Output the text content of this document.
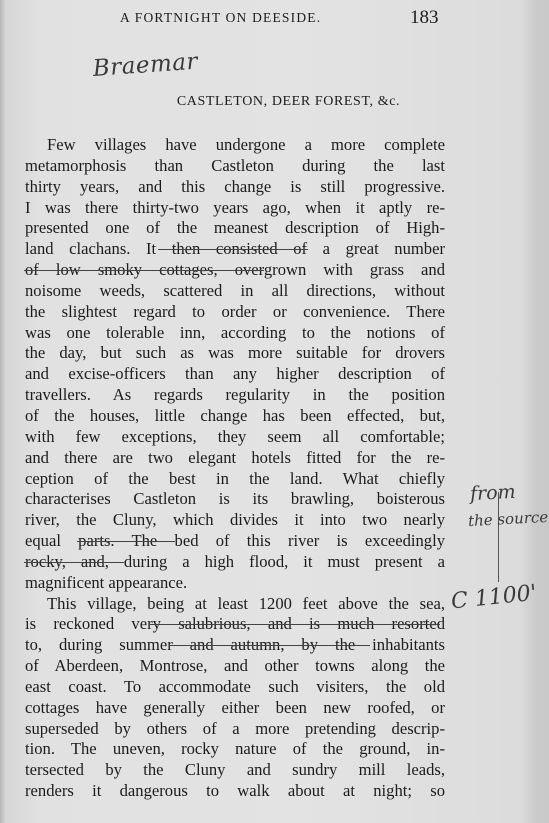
A FORTNIGHT ON DEESIDE.	183
Braemar
CASTLETON, DEER FOREST, &c.
Few villages have undergone a more complete
metamorphosis than Castleton during the last
thirty years, and this change is still progressive.
I was there thirty-two years ago, when it aptly re-
presented one of the meanest description of High-
land clachans. It then consisted of a great number
of low smoky cottages, overgrown with grass and
noisome weeds, scattered in all directions, without
the slightest regard to order or convenience. There
was one tolerable inn, according to the notions of
the day, but such as was more suitable for drovers
and excise-officers than any higher description of
travellers. As regards regularity in the position
of the houses, little change has been effected, but,
with few exceptions, they seem all comfortable;
and there are two elegant hotels fitted for the re-
ception of the best in the land. What chiefly
characterises Castleton is its brawling, boisterous
river, the Cluny, which divides it into two nearly
equal parts. The bed of this river is exceedingly
rocky, and, during a high flood, it must present a
magnificent appearance.
This village, being at least 1200 feet above the sea,
is reckoned very salubrious, and is much resorted
to, during summer and autumn, by the inhabitants
of Aberdeen, Montrose, and other towns along the
east coast. To accommodate such visiters, the old
cottages have generally either been new roofed, or
superseded by others of a more pretending descrip-
tion. The uneven, rocky nature of the ground, in-
tersected by the Cluny and sundry mill leads,
renders it dangerous to walk about at night; so
from
the source
C 1100'
